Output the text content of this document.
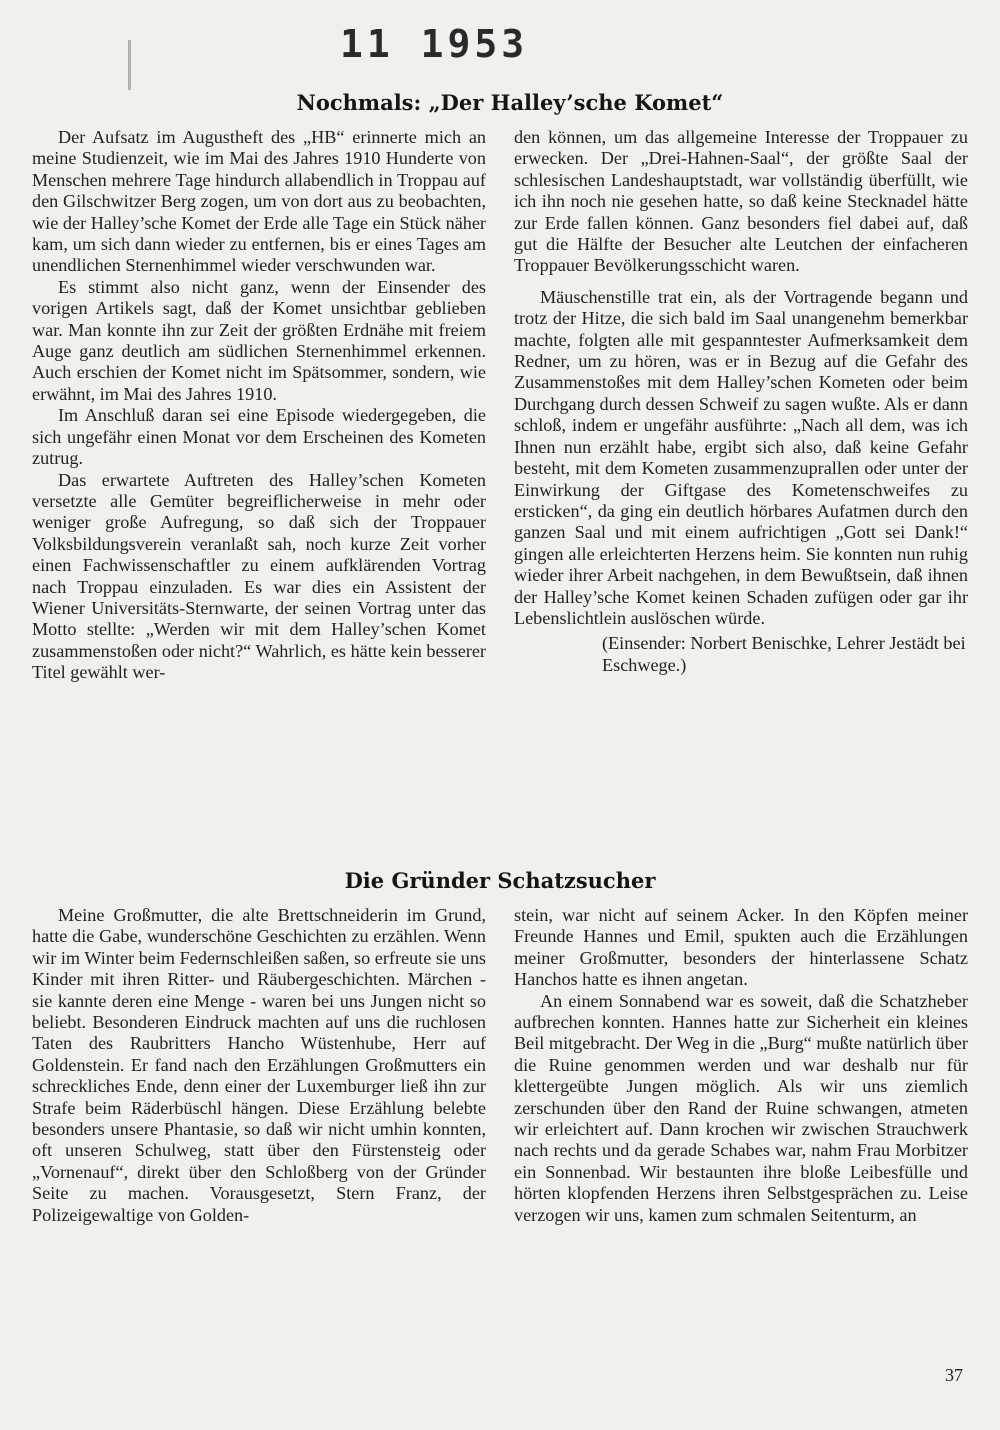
11 1953
Nochmals: „Der Halley’sche Komet“

Der Aufsatz im Augustheft des „HB“ erinnerte mich an meine Studienzeit, wie im Mai des Jahres 1910 Hunderte von Menschen mehrere Tage hindurch allabendlich in Troppau auf den Gilschwitzer Berg zogen, um von dort aus zu beobachten, wie der Halley’sche Komet der Erde alle Tage ein Stück näher kam, um sich dann wieder zu entfernen, bis er eines Tages am unendlichen Sternenhimmel wieder verschwunden war.

Es stimmt also nicht ganz, wenn der Einsender des vorigen Artikels sagt, daß der Komet unsichtbar geblieben war. Man konnte ihn zur Zeit der größten Erdnähe mit freiem Auge ganz deutlich am südlichen Sternenhimmel erkennen. Auch erschien der Komet nicht im Spätsommer, sondern, wie erwähnt, im Mai des Jahres 1910.

Im Anschluß daran sei eine Episode wiedergegeben, die sich ungefähr einen Monat vor dem Erscheinen des Kometen zutrug.

Das erwartete Auftreten des Halley’schen Kometen versetzte alle Gemüter begreiflicherweise in mehr oder weniger große Aufregung, so daß sich der Troppauer Volksbildungsverein veranlaßt sah, noch kurze Zeit vorher einen Fachwissenschaftler zu einem aufklärenden Vortrag nach Troppau einzuladen. Es war dies ein Assistent der Wiener Universitäts-Sternwarte, der seinen Vortrag unter das Motto stellte: „Werden wir mit dem Halley’schen Komet zusammenstoßen oder nicht?“ Wahrlich, es hätte kein besserer Titel gewählt wer-

den können, um das allgemeine Interesse der Troppauer zu erwecken. Der „Drei-Hahnen-Saal“, der größte Saal der schlesischen Landeshauptstadt, war vollständig überfüllt, wie ich ihn noch nie gesehen hatte, so daß keine Stecknadel hätte zur Erde fallen können. Ganz besonders fiel dabei auf, daß gut die Hälfte der Besucher alte Leutchen der einfacheren Troppauer Bevölkerungsschicht waren.

Mäuschenstille trat ein, als der Vortragende begann und trotz der Hitze, die sich bald im Saal unangenehm bemerkbar machte, folgten alle mit gespanntester Aufmerksamkeit dem Redner, um zu hören, was er in Bezug auf die Gefahr des Zusammenstoßes mit dem Halley’schen Kometen oder beim Durchgang durch dessen Schweif zu sagen wußte. Als er dann schloß, indem er ungefähr ausführte: „Nach all dem, was ich Ihnen nun erzählt habe, ergibt sich also, daß keine Gefahr besteht, mit dem Kometen zusammenzuprallen oder unter der Einwirkung der Giftgase des Kometenschweifes zu ersticken“, da ging ein deutlich hörbares Aufatmen durch den ganzen Saal und mit einem aufrichtigen „Gott sei Dank!“ gingen alle erleichterten Herzens heim. Sie konnten nun ruhig wieder ihrer Arbeit nachgehen, in dem Bewußtsein, daß ihnen der Halley’sche Komet keinen Schaden zufügen oder gar ihr Lebenslichtlein auslöschen würde.

(Einsender: Norbert Benischke, Lehrer Jestädt bei Eschwege.)

Die Gründer Schatzsucher

Meine Großmutter, die alte Brettschneiderin im Grund, hatte die Gabe, wunderschöne Geschichten zu erzählen. Wenn wir im Winter beim Federnschleißen saßen, so erfreute sie uns Kinder mit ihren Ritter- und Räubergeschichten. Märchen - sie kannte deren eine Menge - waren bei uns Jungen nicht so beliebt. Besonderen Eindruck machten auf uns die ruchlosen Taten des Raubritters Hancho Wüstenhube, Herr auf Goldenstein. Er fand nach den Erzählungen Großmutters ein schreckliches Ende, denn einer der Luxemburger ließ ihn zur Strafe beim Räderbüschl hängen. Diese Erzählung belebte besonders unsere Phantasie, so daß wir nicht umhin konnten, oft unseren Schulweg, statt über den Fürstensteig oder „Vornenauf“, direkt über den Schloßberg von der Gründer Seite zu machen. Vorausgesetzt, Stern Franz, der Polizeigewaltige von Golden-

stein, war nicht auf seinem Acker. In den Köpfen meiner Freunde Hannes und Emil, spukten auch die Erzählungen meiner Großmutter, besonders der hinterlassene Schatz Hanchos hatte es ihnen angetan.

An einem Sonnabend war es soweit, daß die Schatzheber aufbrechen konnten. Hannes hatte zur Sicherheit ein kleines Beil mitgebracht. Der Weg in die „Burg“ mußte natürlich über die Ruine genommen werden und war deshalb nur für klettergeübte Jungen möglich. Als wir uns ziemlich zerschunden über den Rand der Ruine schwangen, atmeten wir erleichtert auf. Dann krochen wir zwischen Strauchwerk nach rechts und da gerade Schabes war, nahm Frau Morbitzer ein Sonnenbad. Wir bestaunten ihre bloße Leibesfülle und hörten klopfenden Herzens ihren Selbstgesprächen zu. Leise verzogen wir uns, kamen zum schmalen Seitenturm, an

37
